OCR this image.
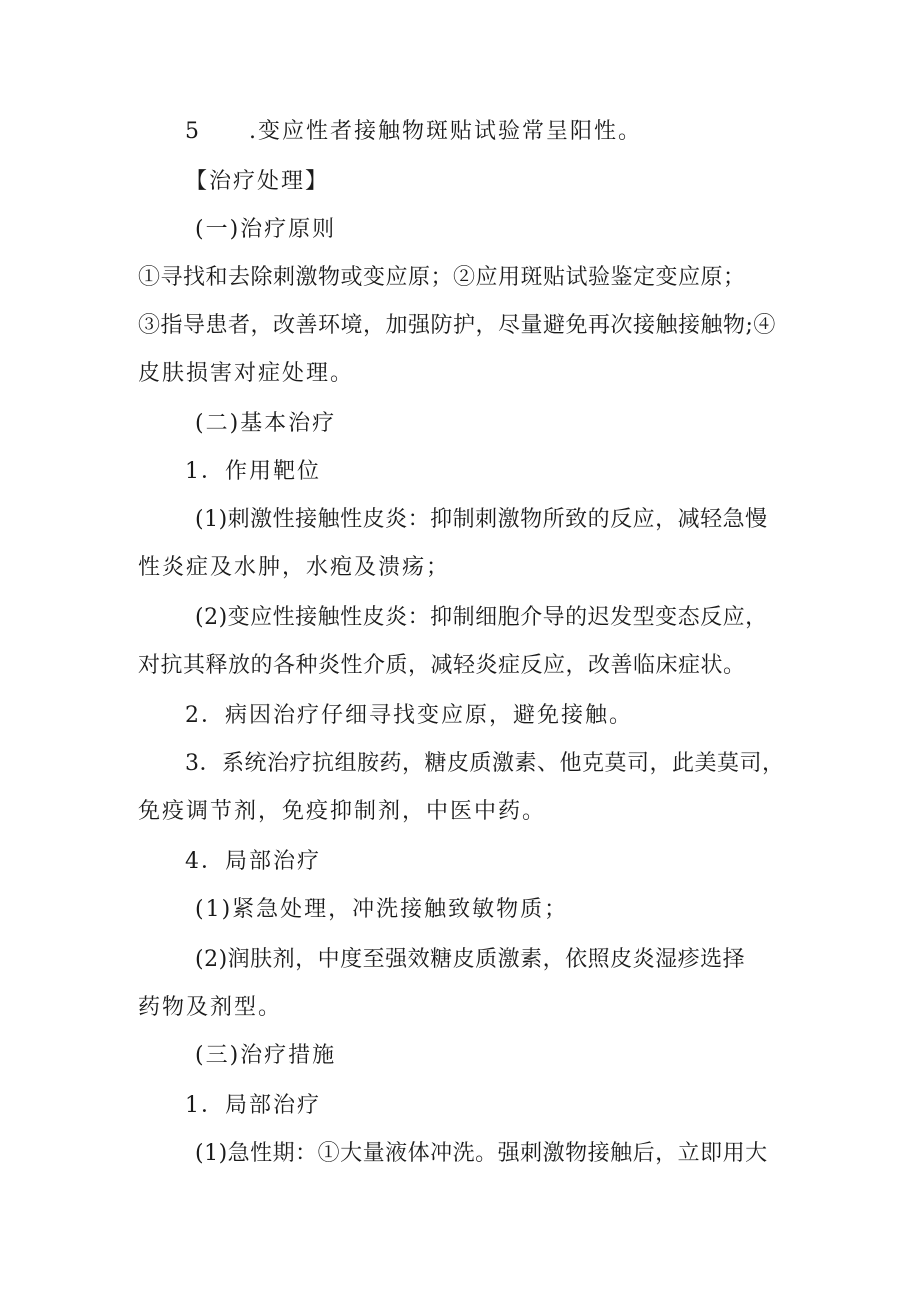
5　　.变应性者接触物斑贴试验常呈阳性。
【治疗处理】
(一)治疗原则
①寻找和去除刺激物或变应原；②应用斑贴试验鉴定变应原；
③指导患者，改善环境，加强防护，尽量避免再次接触接触物;④
皮肤损害对症处理。
(二)基本治疗
1．作用靶位
(1)刺激性接触性皮炎：抑制刺激物所致的反应，减轻急慢
性炎症及水肿，水疱及溃疡；
(2)变应性接触性皮炎：抑制细胞介导的迟发型变态反应，
对抗其释放的各种炎性介质，减轻炎症反应，改善临床症状。
2．病因治疗仔细寻找变应原，避免接触。
3．系统治疗抗组胺药，糖皮质激素、他克莫司，此美莫司，
免疫调节剂，免疫抑制剂，中医中药。
4．局部治疗
(1)紧急处理，冲洗接触致敏物质；
(2)润肤剂，中度至强效糖皮质激素，依照皮炎湿疹选择
药物及剂型。
(三)治疗措施
1．局部治疗
(1)急性期：①大量液体冲洗。强刺激物接触后，立即用大
